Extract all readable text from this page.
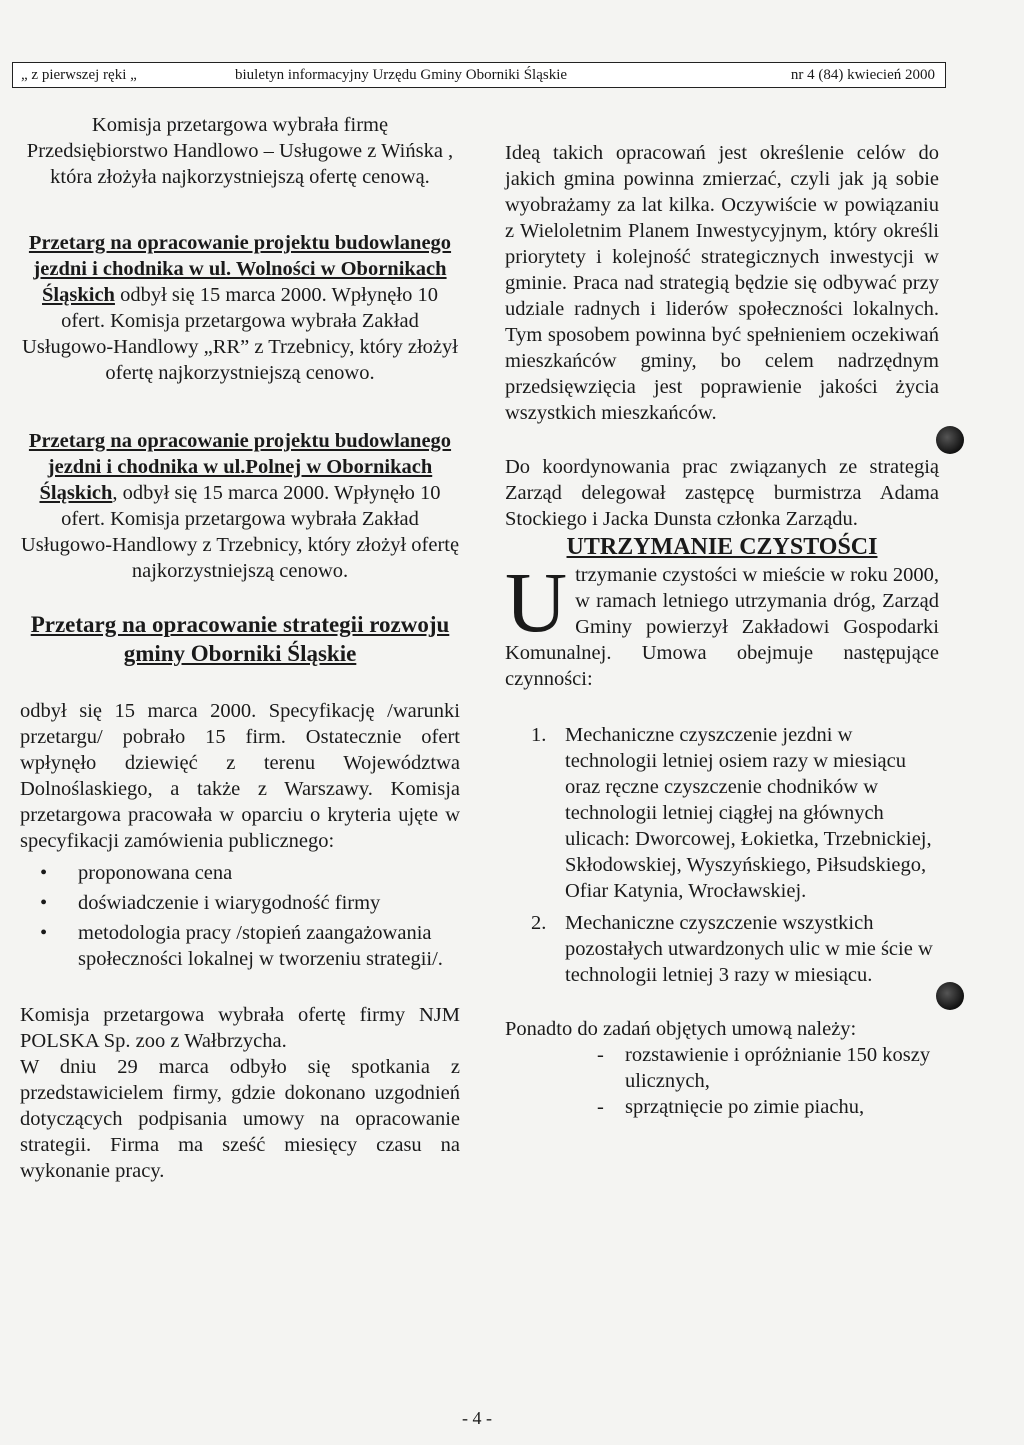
„ z pierwszej ręki „	biuletyn informacyjny Urzędu Gminy Oborniki Śląskie	nr 4 (84) kwiecień 2000

Komisja przetargowa wybrała firmę Przedsiębiorstwo Handlowo – Usługowe z Wińska , która złożyła najkorzystniejszą ofertę cenową.

Przetarg na opracowanie projektu budowlanego jezdni i chodnika w ul. Wolności w Obornikach Śląskich odbył się 15 marca 2000. Wpłynęło 10 ofert. Komisja przetargowa wybrała Zakład Usługowo-Handlowy „RR” z Trzebnicy, który złożył ofertę najkorzystniejszą cenowo.

Przetarg na opracowanie projektu budowlanego jezdni i chodnika w ul.Polnej w Obornikach Śląskich, odbył się 15 marca 2000. Wpłynęło 10 ofert. Komisja przetargowa wybrała Zakład Usługowo-Handlowy z Trzebnicy, który złożył ofertę najkorzystniejszą cenowo.

Przetarg na opracowanie strategii rozwoju gminy Oborniki Śląskie

odbył się 15 marca 2000. Specyfikację /warunki przetargu/ pobrało 15 firm. Ostatecznie ofert wpłynęło dziewięć z terenu Województwa Dolnoślaskiego, a także z Warszawy. Komisja przetargowa pracowała w oparciu o kryteria ujęte w specyfikacji zamówienia publicznego:

• proponowana cena
• doświadczenie i wiarygodność firmy
• metodologia pracy /stopień zaangażowania społeczności lokalnej w tworzeniu strategii/.

Komisja przetargowa wybrała ofertę firmy NJM POLSKA Sp. zoo z Wałbrzycha.

W dniu 29 marca odbyło się spotkania z przedstawicielem firmy, gdzie dokonano uzgodnień dotyczących podpisania umowy na opracowanie strategii. Firma ma sześć miesięcy czasu na wykonanie pracy.

Ideą takich opracowań jest określenie celów do jakich gmina powinna zmierzać, czyli jak ją sobie wyobrażamy za lat kilka. Oczywiście w powiązaniu z Wieloletnim Planem Inwestycyjnym, który określi priorytety i kolejność strategicznych inwestycji w gminie. Praca nad strategią będzie się odbywać przy udziale radnych i liderów społeczności lokalnych. Tym sposobem powinna być spełnieniem oczekiwań mieszkańców gminy, bo celem nadrzędnym przedsięwzięcia jest poprawienie jakości życia wszystkich mieszkańców.

Do koordynowania prac związanych ze strategią Zarząd delegował zastępcę burmistrza Adama Stockiego i Jacka Dunsta członka Zarządu.

UTRZYMANIE CZYSTOŚCI

Utrzymanie czystości w mieście w roku 2000, w ramach letniego utrzymania dróg, Zarząd Gminy powierzył Zakładowi Gospodarki Komunalnej. Umowa obejmuje następujące czynności:

1. Mechaniczne czyszczenie jezdni w technologii letniej osiem razy w miesiącu oraz ręczne czyszczenie chodników w technologii letniej ciągłej na głównych ulicach: Dworcowej, Łokietka, Trzebnickiej, Skłodowskiej, Wyszyńskiego, Piłsudskiego, Ofiar Katynia, Wrocławskiej.
2. Mechaniczne czyszczenie wszystkich pozostałych utwardzonych ulic w mie ście w technologii letniej 3 razy w miesiącu.

Ponadto do zadań objętych umową należy:

- rozstawienie i opróżnianie 150 koszy ulicznych,
- sprzątnięcie po zimie piachu,
- 4 -
